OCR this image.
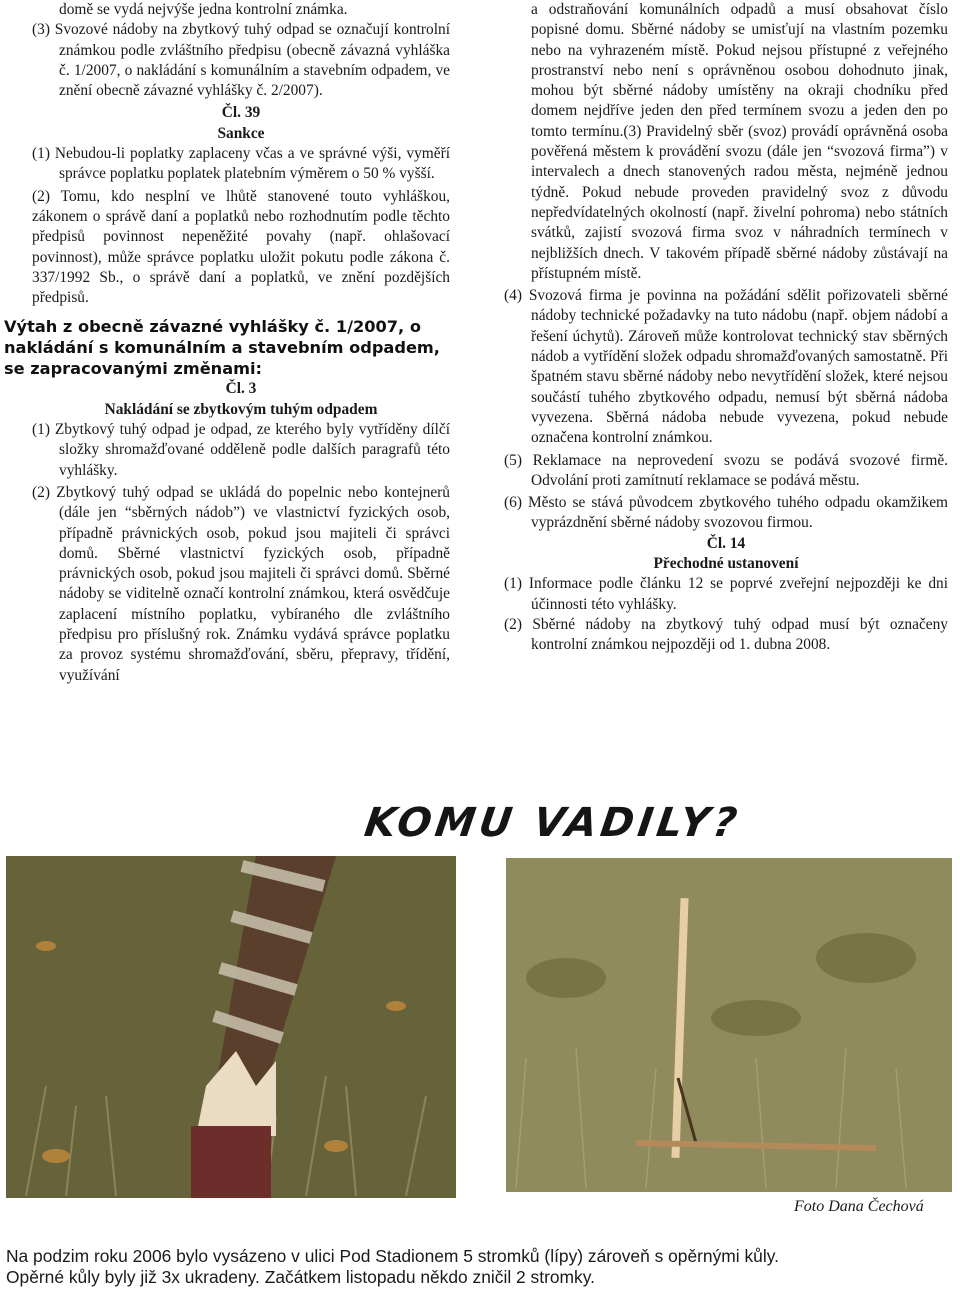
domě se vydá nejvýše jedna kontrolní známka.

(3) Svozové nádoby na zbytkový tuhý odpad se označují kontrolní známkou podle zvláštního předpisu (obecně závazná vyhláška č. 1/2007, o nakládání s komunálním a stavebním odpadem, ve znění obecně závazné vyhlášky č. 2/2007).

Čl. 39

Sankce

(1) Nebudou-li poplatky zaplaceny včas a ve správné výši, vyměří správce poplatku poplatek platebním výměrem o 50 % vyšší.

(2) Tomu, kdo nesplní ve lhůtě stanovené touto vyhláškou, zákonem o správě daní a poplatků nebo rozhodnutím podle těchto předpisů povinnost nepeněžité povahy (např. ohlašovací povinnost), může správce poplatku uložit pokutu podle zákona č. 337/1992 Sb., o správě daní a poplatků, ve znění pozdějších předpisů.

Výtah z obecně závazné vyhlášky č. 1/2007, o nakládání s komunálním a stavebním odpadem, se zapracovanými změnami:

Čl. 3

Nakládání se zbytkovým tuhým odpadem

(1) Zbytkový tuhý odpad je odpad, ze kterého byly vytříděny dílčí složky shromažďované odděleně podle dalších paragrafů této vyhlášky.

(2) Zbytkový tuhý odpad se ukládá do popelnic nebo kontejnerů (dále jen “sběrných nádob”) ve vlastnictví fyzických osob, případně právnických osob, pokud jsou majiteli či správci domů. Sběrné vlastnictví fyzických osob, případně právnických osob, pokud jsou majiteli či správci domů. Sběrné nádoby se viditelně označí kontrolní známkou, která osvědčuje zaplacení místního poplatku, vybíraného dle zvláštního předpisu pro příslušný rok. Známku vydává správce poplatku za provoz systému shromažďování, sběru, přepravy, třídění, využívání

a odstraňování komunálních odpadů a musí obsahovat číslo popisné domu. Sběrné nádoby se umisťují na vlastním pozemku nebo na vyhrazeném místě. Pokud nejsou přístupné z veřejného prostranství nebo není s oprávněnou osobou dohodnuto jinak, mohou být sběrné nádoby umístěny na okraji chodníku před domem nejdříve jeden den před termínem svozu a jeden den po tomto termínu.(3) Pravidelný sběr (svoz) provádí oprávněná osoba pověřená městem k provádění svozu (dále jen “svozová firma”) v intervalech a dnech stanovených radou města, nejméně jednou týdně. Pokud nebude proveden pravidelný svoz z důvodu nepředvídatelných okolností (např. živelní pohroma) nebo státních svátků, zajistí svozová firma svoz v náhradních termínech v nejbližších dnech. V takovém případě sběrné nádoby zůstávají na přístupném místě.

(4) Svozová firma je povinna na požádání sdělit pořizovateli sběrné nádoby technické požadavky na tuto nádobu (např. objem nádobí a řešení úchytů). Zároveň může kontrolovat technický stav sběrných nádob a vytřídění složek odpadu shromažďovaných samostatně. Při špatném stavu sběrné nádoby nebo nevytřídění složek, které nejsou součástí tuhého zbytkového odpadu, nemusí být sběrná nádoba vyvezena. Sběrná nádoba nebude vyvezena, pokud nebude označena kontrolní známkou.

(5) Reklamace na neprovedení svozu se podává svozové firmě. Odvolání proti zamítnutí reklamace se podává městu.

(6) Město se stává původcem zbytkového tuhého odpadu okamžikem vyprázdnění sběrné nádoby svozovou firmou.

Čl. 14

Přechodné ustanovení

(1) Informace podle článku 12 se poprvé zveřejní nejpozději ke dni účinnosti této vyhlášky.

(2) Sběrné nádoby na zbytkový tuhý odpad musí být označeny kontrolní známkou nejpozději od 1. dubna 2008.

KOMU VADILY?
Foto Dana Čechová

Na podzim roku 2006 bylo vysázeno v ulici Pod Stadionem 5 stromků (lípy) zároveň s opěrnými kůly.

Opěrné kůly byly již 3x ukradeny. Začátkem listopadu někdo zničil 2 stromky.
